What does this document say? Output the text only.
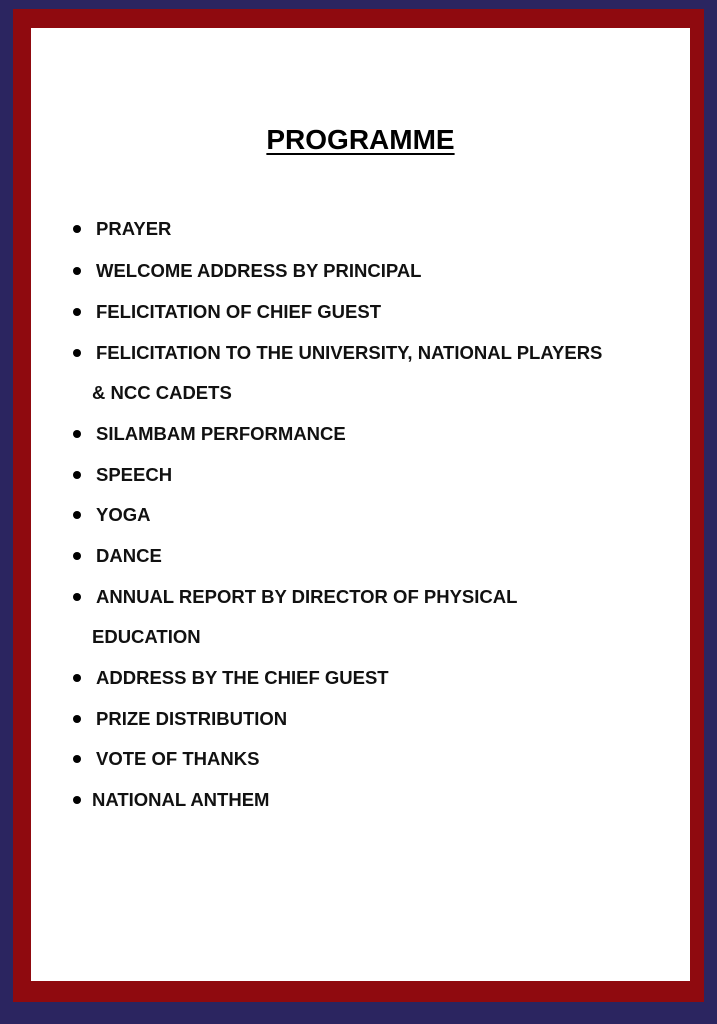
PROGRAMME
PRAYER
WELCOME ADDRESS BY PRINCIPAL
FELICITATION OF CHIEF GUEST
FELICITATION TO THE UNIVERSITY, NATIONAL PLAYERS
& NCC CADETS
SILAMBAM PERFORMANCE
SPEECH
YOGA
DANCE
ANNUAL REPORT BY DIRECTOR OF PHYSICAL
EDUCATION
ADDRESS BY THE CHIEF GUEST
PRIZE DISTRIBUTION
VOTE OF THANKS
NATIONAL ANTHEM
